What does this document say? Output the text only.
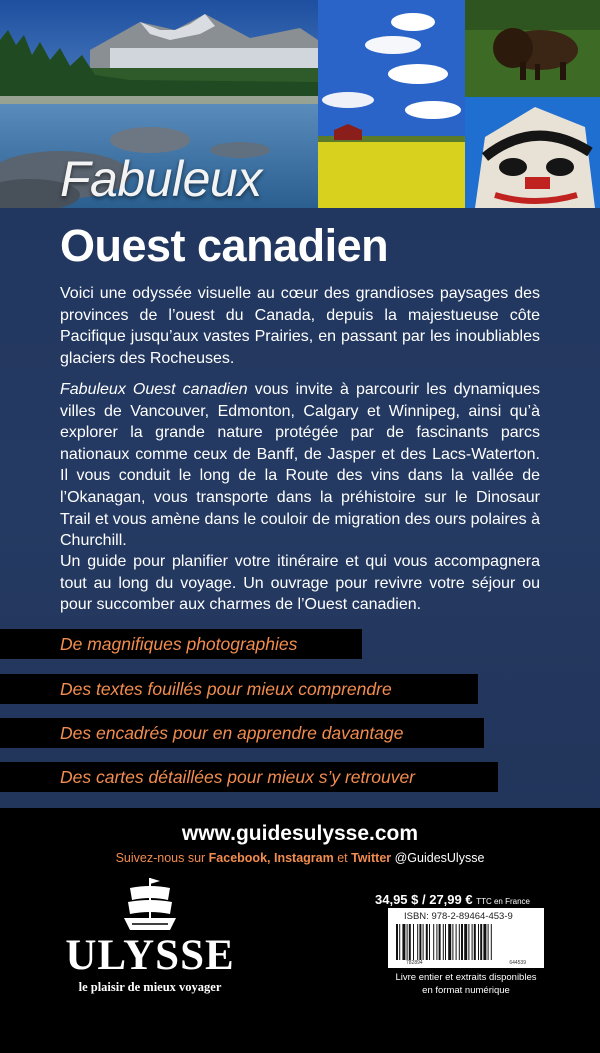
Fabuleux
Ouest canadien

Voici une odyssée visuelle au cœur des grandioses paysages des provinces de l’ouest du Canada, depuis la majestueuse côte Pacifique jusqu’aux vastes Prairies, en passant par les inoubliables glaciers des Rocheuses.

Fabuleux Ouest canadien vous invite à parcourir les dynamiques villes de Vancouver, Edmonton, Calgary et Winnipeg, ainsi qu’à explorer la grande nature protégée par de fascinants parcs nationaux comme ceux de Banff, de Jasper et des Lacs-Waterton. Il vous conduit le long de la Route des vins dans la vallée de l’Okanagan, vous transporte dans la préhistoire sur le Dinosaur Trail et vous amène dans le couloir de migration des ours polaires à Churchill.

Un guide pour planifier votre itinéraire et qui vous accompagnera tout au long du voyage. Un ouvrage pour revivre votre séjour ou pour succomber aux charmes de l’Ouest canadien.

De magnifiques photographies
Des textes fouillés pour mieux comprendre
Des encadrés pour en apprendre davantage
Des cartes détaillées pour mieux s’y retrouver
www.guidesulysse.com
Suivez-nous sur Facebook, Instagram et Twitter @GuidesUlysse
ULYSSE
le plaisir de mieux voyager
34,95 $ / 27,99 € TTC en France
ISBN: 978-2-89464-453-9
782894	644539
Livre entier et extraits disponibles
en format numérique
